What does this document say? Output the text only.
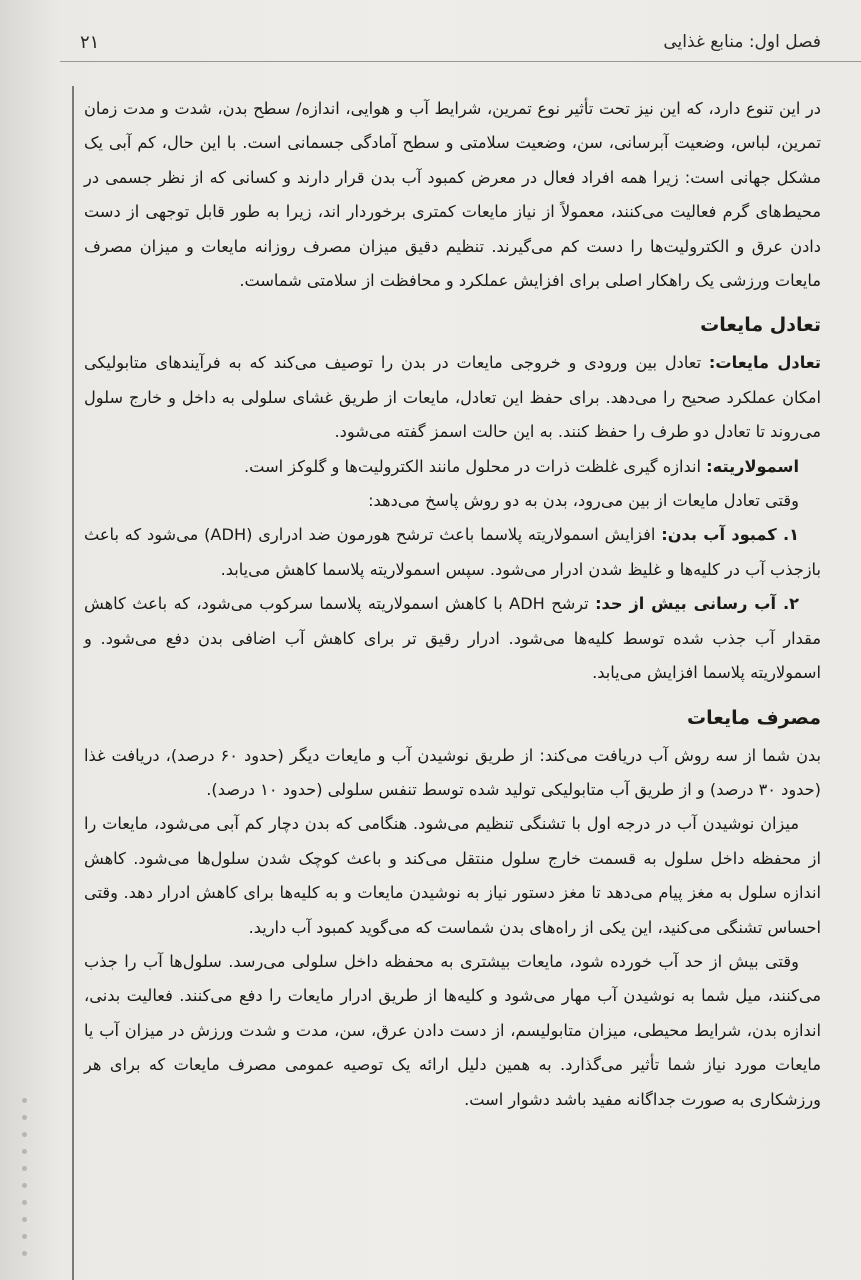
فصل اول: منابع غذایی
۲۱

در این تنوع دارد، که این نیز تحت تأثیر نوع تمرین، شرایط آب و هوایی، اندازه/ سطح بدن، شدت و مدت زمان تمرین، لباس، وضعیت آبرسانی، سن، وضعیت سلامتی و سطح آمادگی جسمانی است. با این حال، کم آبی یک مشکل جهانی است: زیرا همه افراد فعال در معرض کمبود آب بدن قرار دارند و کسانی که از نظر جسمی در محیط‌های گرم فعالیت می‌کنند، معمولاً از نیاز مایعات کمتری برخوردار اند، زیرا به طور قابل توجهی از دست دادن عرق و الکترولیت‌ها را دست کم می‌گیرند. تنظیم دقیق میزان مصرف روزانه مایعات و میزان مصرف مایعات ورزشی یک راهکار اصلی برای افزایش عملکرد و محافظت از سلامتی شماست.

تعادل مایعات

تعادل مایعات: تعادل بین ورودی و خروجی مایعات در بدن را توصیف می‌کند که به فرآیندهای متابولیکی امکان عملکرد صحیح را می‌دهد. برای حفظ این تعادل، مایعات از طریق غشای سلولی به داخل و خارج سلول می‌روند تا تعادل دو طرف را حفظ کنند. به این حالت اسمز گفته می‌شود.

اسمولاریته: اندازه گیری غلظت ذرات در محلول مانند الکترولیت‌ها و گلوکز است.

وقتی تعادل مایعات از بین می‌رود، بدن به دو روش پاسخ می‌دهد:

۱. کمبود آب بدن: افزایش اسمولاریته پلاسما باعث ترشح هورمون ضد ادراری (ADH) می‌شود که باعث بازجذب آب در کلیه‌ها و غلیظ شدن ادرار می‌شود. سپس اسمولاریته پلاسما کاهش می‌یابد.

۲. آب رسانی بیش از حد: ترشح ADH با کاهش اسمولاریته پلاسما سرکوب می‌شود، که باعث کاهش مقدار آب جذب شده توسط کلیه‌ها می‌شود. ادرار رقیق تر برای کاهش آب اضافی بدن دفع می‌شود. و اسمولاریته پلاسما افزایش می‌یابد.

مصرف مایعات

بدن شما از سه روش آب دریافت می‌کند: از طریق نوشیدن آب و مایعات دیگر (حدود ۶۰ درصد)، دریافت غذا (حدود ۳۰ درصد) و از طریق آب متابولیکی تولید شده توسط تنفس سلولی (حدود ۱۰ درصد).

میزان نوشیدن آب در درجه اول با تشنگی تنظیم می‌شود. هنگامی که بدن دچار کم آبی می‌شود، مایعات را از محفظه داخل سلول به قسمت خارج سلول منتقل می‌کند و باعث کوچک شدن سلول‌ها می‌شود. کاهش اندازه سلول به مغز پیام می‌دهد تا مغز دستور نیاز به نوشیدن مایعات و به کلیه‌ها برای کاهش ادرار دهد. وقتی احساس تشنگی می‌کنید، این یکی از راه‌های بدن شماست که می‌گوید کمبود آب دارید.

وقتی بیش از حد آب خورده شود، مایعات بیشتری به محفظه داخل سلولی می‌رسد. سلول‌ها آب را جذب می‌کنند، میل شما به نوشیدن آب مهار می‌شود و کلیه‌ها از طریق ادرار مایعات را دفع می‌کنند. فعالیت بدنی، اندازه بدن، شرایط محیطی، میزان متابولیسم، از دست دادن عرق، سن، مدت و شدت ورزش در میزان آب یا مایعات مورد نیاز شما تأثیر می‌گذارد. به همین دلیل ارائه یک توصیه عمومی مصرف مایعات که برای هر ورزشکاری به صورت جداگانه مفید باشد دشوار است.
